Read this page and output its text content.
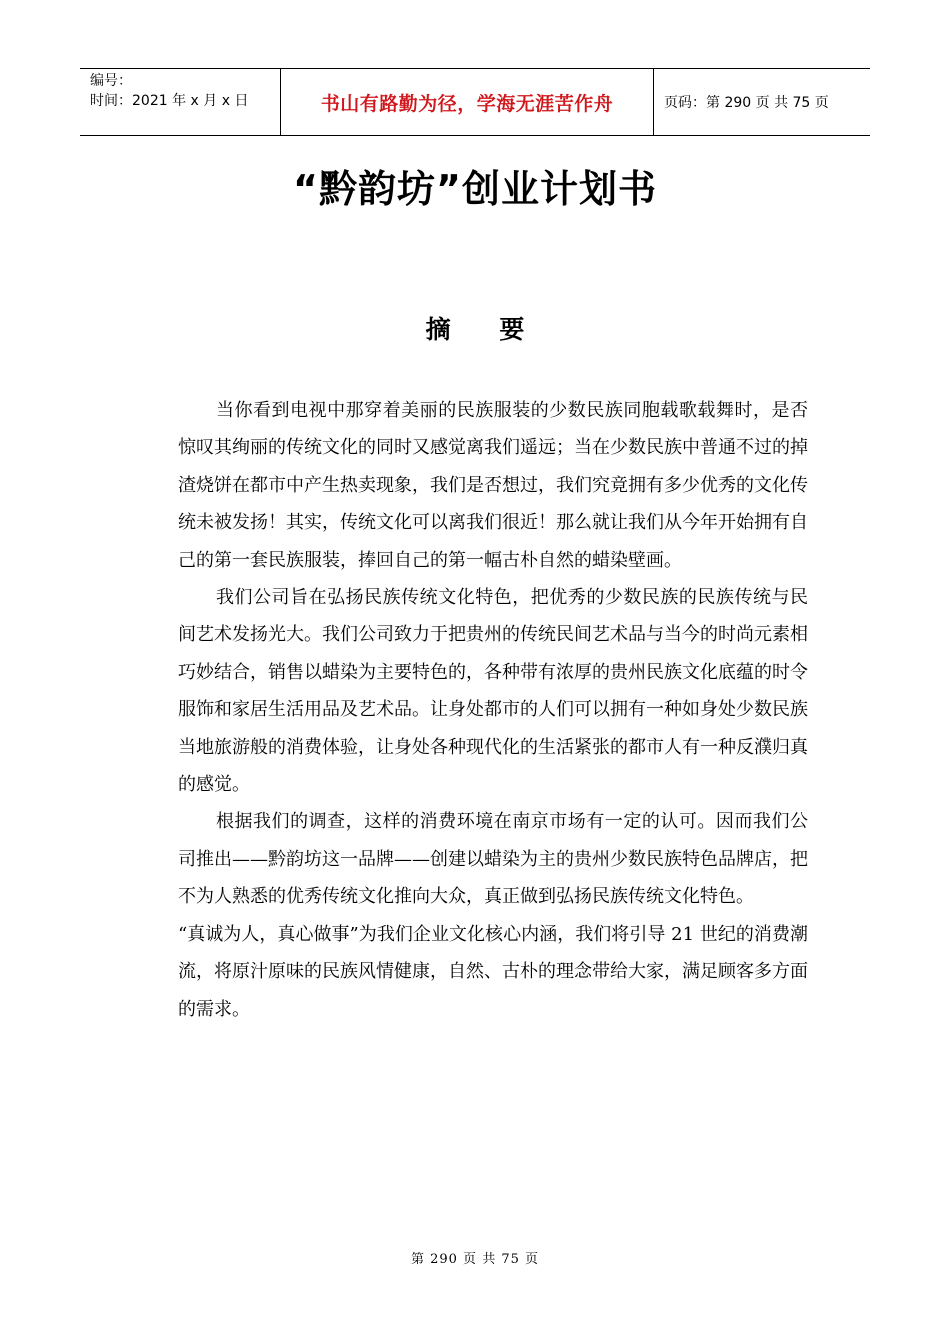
编号：
时间：2021 年 x 月 x 日	书山有路勤为径，学海无涯苦作舟	页码：第 290 页 共 75 页
“黔韵坊”创业计划书
摘 要

当你看到电视中那穿着美丽的民族服装的少数民族同胞载歌载舞时，是否惊叹其绚丽的传统文化的同时又感觉离我们遥远；当在少数民族中普通不过的掉渣烧饼在都市中产生热卖现象，我们是否想过，我们究竟拥有多少优秀的文化传统未被发扬！其实，传统文化可以离我们很近！那么就让我们从今年开始拥有自己的第一套民族服装，捧回自己的第一幅古朴自然的蜡染壁画。

我们公司旨在弘扬民族传统文化特色，把优秀的少数民族的民族传统与民间艺术发扬光大。我们公司致力于把贵州的传统民间艺术品与当今的时尚元素相巧妙结合，销售以蜡染为主要特色的，各种带有浓厚的贵州民族文化底蕴的时令服饰和家居生活用品及艺术品。让身处都市的人们可以拥有一种如身处少数民族当地旅游般的消费体验，让身处各种现代化的生活紧张的都市人有一种反濮归真的感觉。

根据我们的调查，这样的消费环境在南京市场有一定的认可。因而我们公司推出——黔韵坊这一品牌——创建以蜡染为主的贵州少数民族特色品牌店，把不为人熟悉的优秀传统文化推向大众，真正做到弘扬民族传统文化特色。

“真诚为人，真心做事”为我们企业文化核心内涵，我们将引导 21 世纪的消费潮流，将原汁原味的民族风情健康，自然、古朴的理念带给大家，满足顾客多方面的需求。

第 290 页 共 75 页
